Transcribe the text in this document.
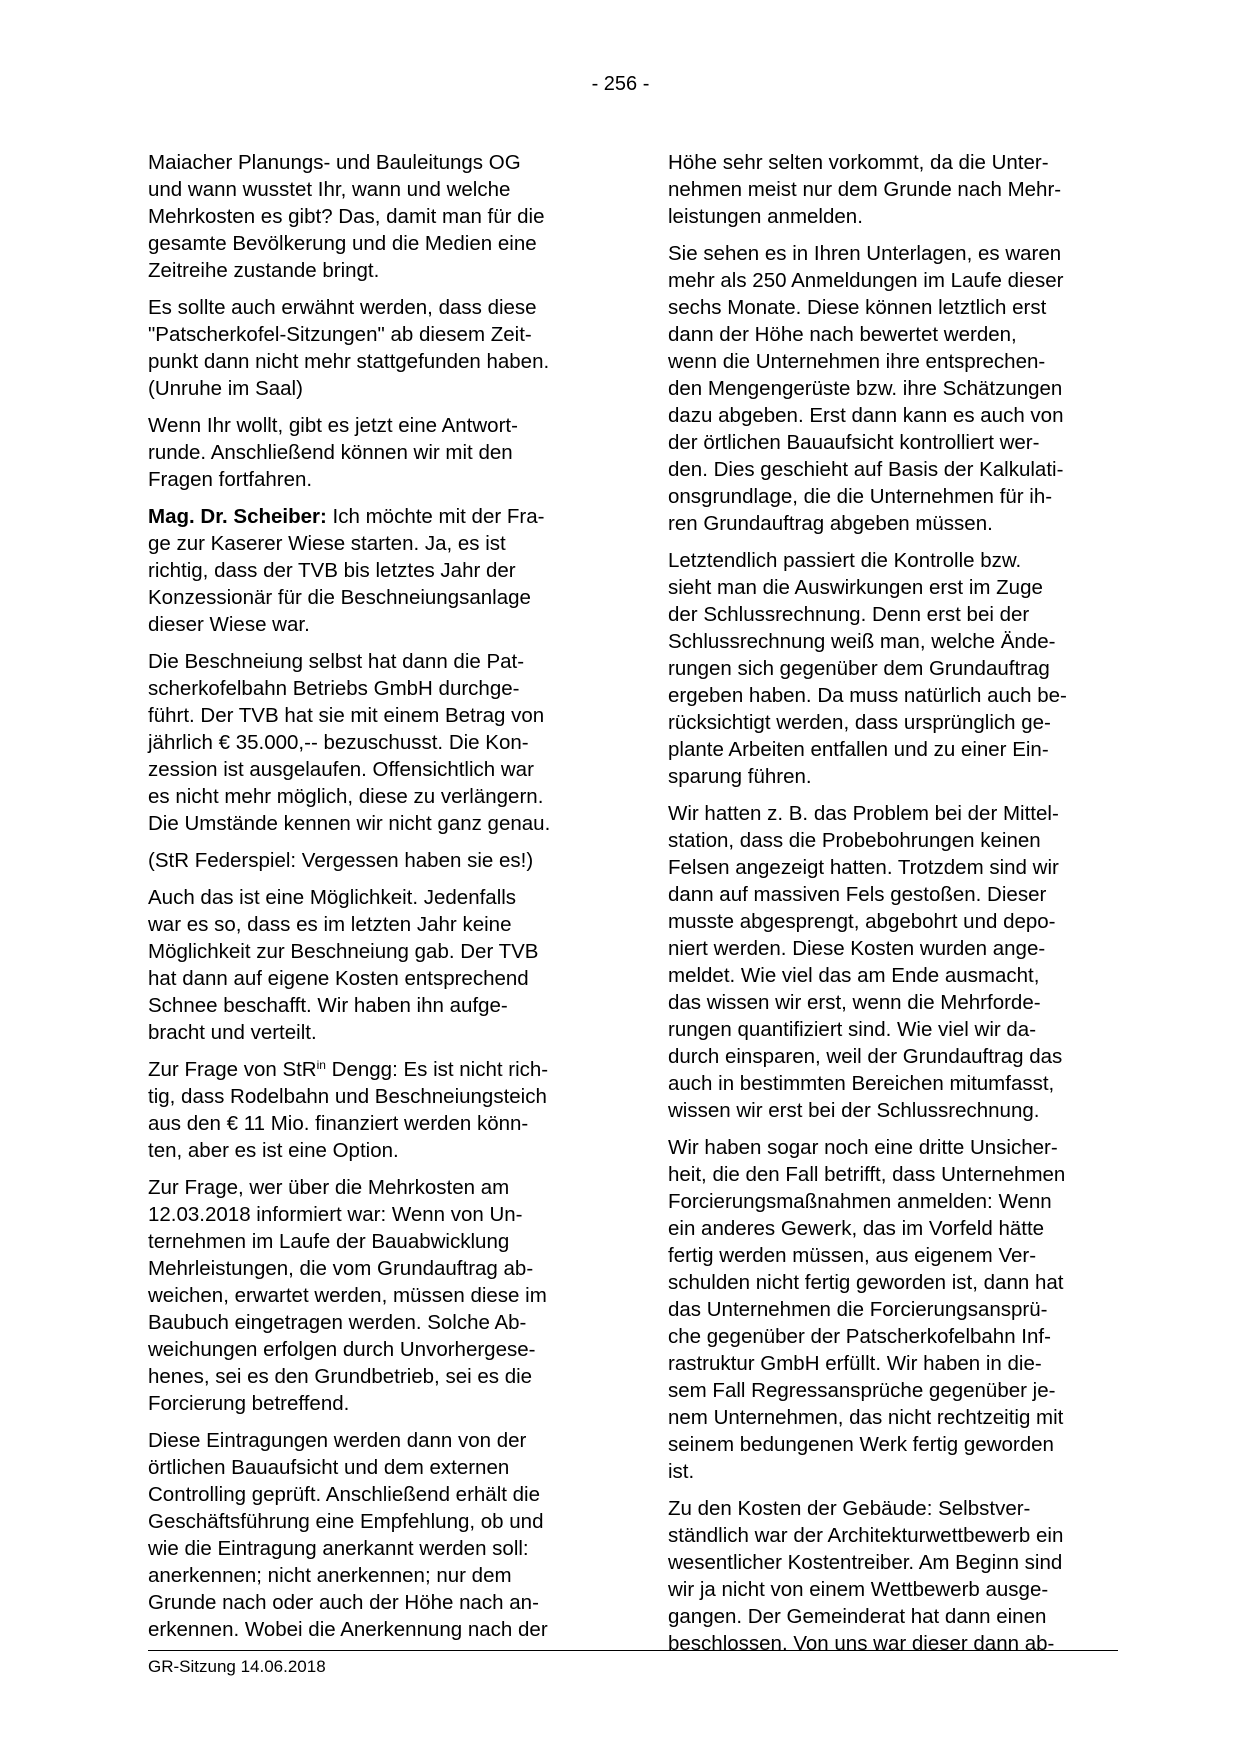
- 256 -
Maiacher Planungs- und Bauleitungs OG
und wann wusstet Ihr, wann und welche
Mehrkosten es gibt? Das, damit man für die
gesamte Bevölkerung und die Medien eine
Zeitreihe zustande bringt.
Es sollte auch erwähnt werden, dass diese
"Patscherkofel-Sitzungen" ab diesem Zeit-
punkt dann nicht mehr stattgefunden haben.
(Unruhe im Saal)
Wenn Ihr wollt, gibt es jetzt eine Antwort-
runde. Anschließend können wir mit den
Fragen fortfahren.
Mag. Dr. Scheiber: Ich möchte mit der Fra-
ge zur Kaserer Wiese starten. Ja, es ist
richtig, dass der TVB bis letztes Jahr der
Konzessionär für die Beschneiungsanlage
dieser Wiese war.
Die Beschneiung selbst hat dann die Pat-
scherkofelbahn Betriebs GmbH durchge-
führt. Der TVB hat sie mit einem Betrag von
jährlich € 35.000,-- bezuschusst. Die Kon-
zession ist ausgelaufen. Offensichtlich war
es nicht mehr möglich, diese zu verlängern.
Die Umstände kennen wir nicht ganz genau.
(StR Federspiel: Vergessen haben sie es!)
Auch das ist eine Möglichkeit. Jedenfalls
war es so, dass es im letzten Jahr keine
Möglichkeit zur Beschneiung gab. Der TVB
hat dann auf eigene Kosten entsprechend
Schnee beschafft. Wir haben ihn aufge-
bracht und verteilt.
Zur Frage von StR$^{in}$ Dengg: Es ist nicht rich-
tig, dass Rodelbahn und Beschneiungsteich
aus den € 11 Mio. finanziert werden könn-
ten, aber es ist eine Option.
Zur Frage, wer über die Mehrkosten am
12.03.2018 informiert war: Wenn von Un-
ternehmen im Laufe der Bauabwicklung
Mehrleistungen, die vom Grundauftrag ab-
weichen, erwartet werden, müssen diese im
Baubuch eingetragen werden. Solche Ab-
weichungen erfolgen durch Unvorhergese-
henes, sei es den Grundbetrieb, sei es die
Forcierung betreffend.
Diese Eintragungen werden dann von der
örtlichen Bauaufsicht und dem externen
Controlling geprüft. Anschließend erhält die
Geschäftsführung eine Empfehlung, ob und
wie die Eintragung anerkannt werden soll:
anerkennen; nicht anerkennen; nur dem
Grunde nach oder auch der Höhe nach an-
erkennen. Wobei die Anerkennung nach der
Höhe sehr selten vorkommt, da die Unter-
nehmen meist nur dem Grunde nach Mehr-
leistungen anmelden.
Sie sehen es in Ihren Unterlagen, es waren
mehr als 250 Anmeldungen im Laufe dieser
sechs Monate. Diese können letztlich erst
dann der Höhe nach bewertet werden,
wenn die Unternehmen ihre entsprechen-
den Mengengerüste bzw. ihre Schätzungen
dazu abgeben. Erst dann kann es auch von
der örtlichen Bauaufsicht kontrolliert wer-
den. Dies geschieht auf Basis der Kalkulati-
onsgrundlage, die die Unternehmen für ih-
ren Grundauftrag abgeben müssen.
Letztendlich passiert die Kontrolle bzw.
sieht man die Auswirkungen erst im Zuge
der Schlussrechnung. Denn erst bei der
Schlussrechnung weiß man, welche Ände-
rungen sich gegenüber dem Grundauftrag
ergeben haben. Da muss natürlich auch be-
rücksichtigt werden, dass ursprünglich ge-
plante Arbeiten entfallen und zu einer Ein-
sparung führen.
Wir hatten z. B. das Problem bei der Mittel-
station, dass die Probebohrungen keinen
Felsen angezeigt hatten. Trotzdem sind wir
dann auf massiven Fels gestoßen. Dieser
musste abgesprengt, abgebohrt und depo-
niert werden. Diese Kosten wurden ange-
meldet. Wie viel das am Ende ausmacht,
das wissen wir erst, wenn die Mehrforde-
rungen quantifiziert sind. Wie viel wir da-
durch einsparen, weil der Grundauftrag das
auch in bestimmten Bereichen mitumfasst,
wissen wir erst bei der Schlussrechnung.
Wir haben sogar noch eine dritte Unsicher-
heit, die den Fall betrifft, dass Unternehmen
Forcierungsmaßnahmen anmelden: Wenn
ein anderes Gewerk, das im Vorfeld hätte
fertig werden müssen, aus eigenem Ver-
schulden nicht fertig geworden ist, dann hat
das Unternehmen die Forcierungsansprü-
che gegenüber der Patscherkofelbahn Inf-
rastruktur GmbH erfüllt. Wir haben in die-
sem Fall Regressansprüche gegenüber je-
nem Unternehmen, das nicht rechtzeitig mit
seinem bedungenen Werk fertig geworden
ist.
Zu den Kosten der Gebäude: Selbstver-
ständlich war der Architekturwettbewerb ein
wesentlicher Kostentreiber. Am Beginn sind
wir ja nicht von einem Wettbewerb ausge-
gangen. Der Gemeinderat hat dann einen
beschlossen. Von uns war dieser dann ab-
GR-Sitzung 14.06.2018
